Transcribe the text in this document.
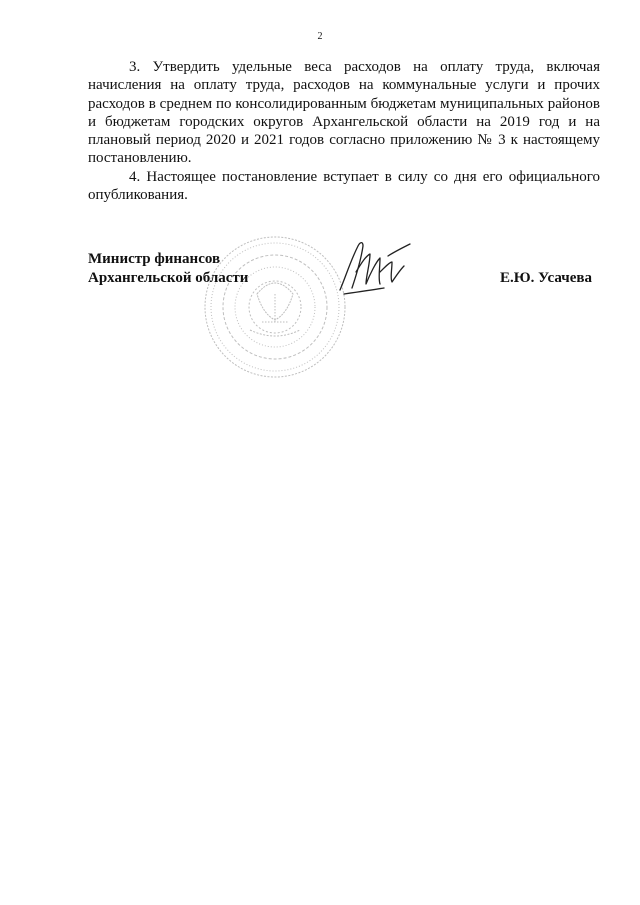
2

3. Утвердить удельные веса расходов на оплату труда, включая начисления на оплату труда, расходов на коммунальные услуги и прочих расходов в среднем по консолидированным бюджетам муниципальных районов и бюджетам городских округов Архангельской области на 2019 год и на плановый период 2020 и 2021 годов согласно приложению № 3 к настоящему постановлению.

4. Настоящее постановление вступает в силу со дня его официального опубликования.

Министр финансов
Архангельской области	Е.Ю. Усачева
